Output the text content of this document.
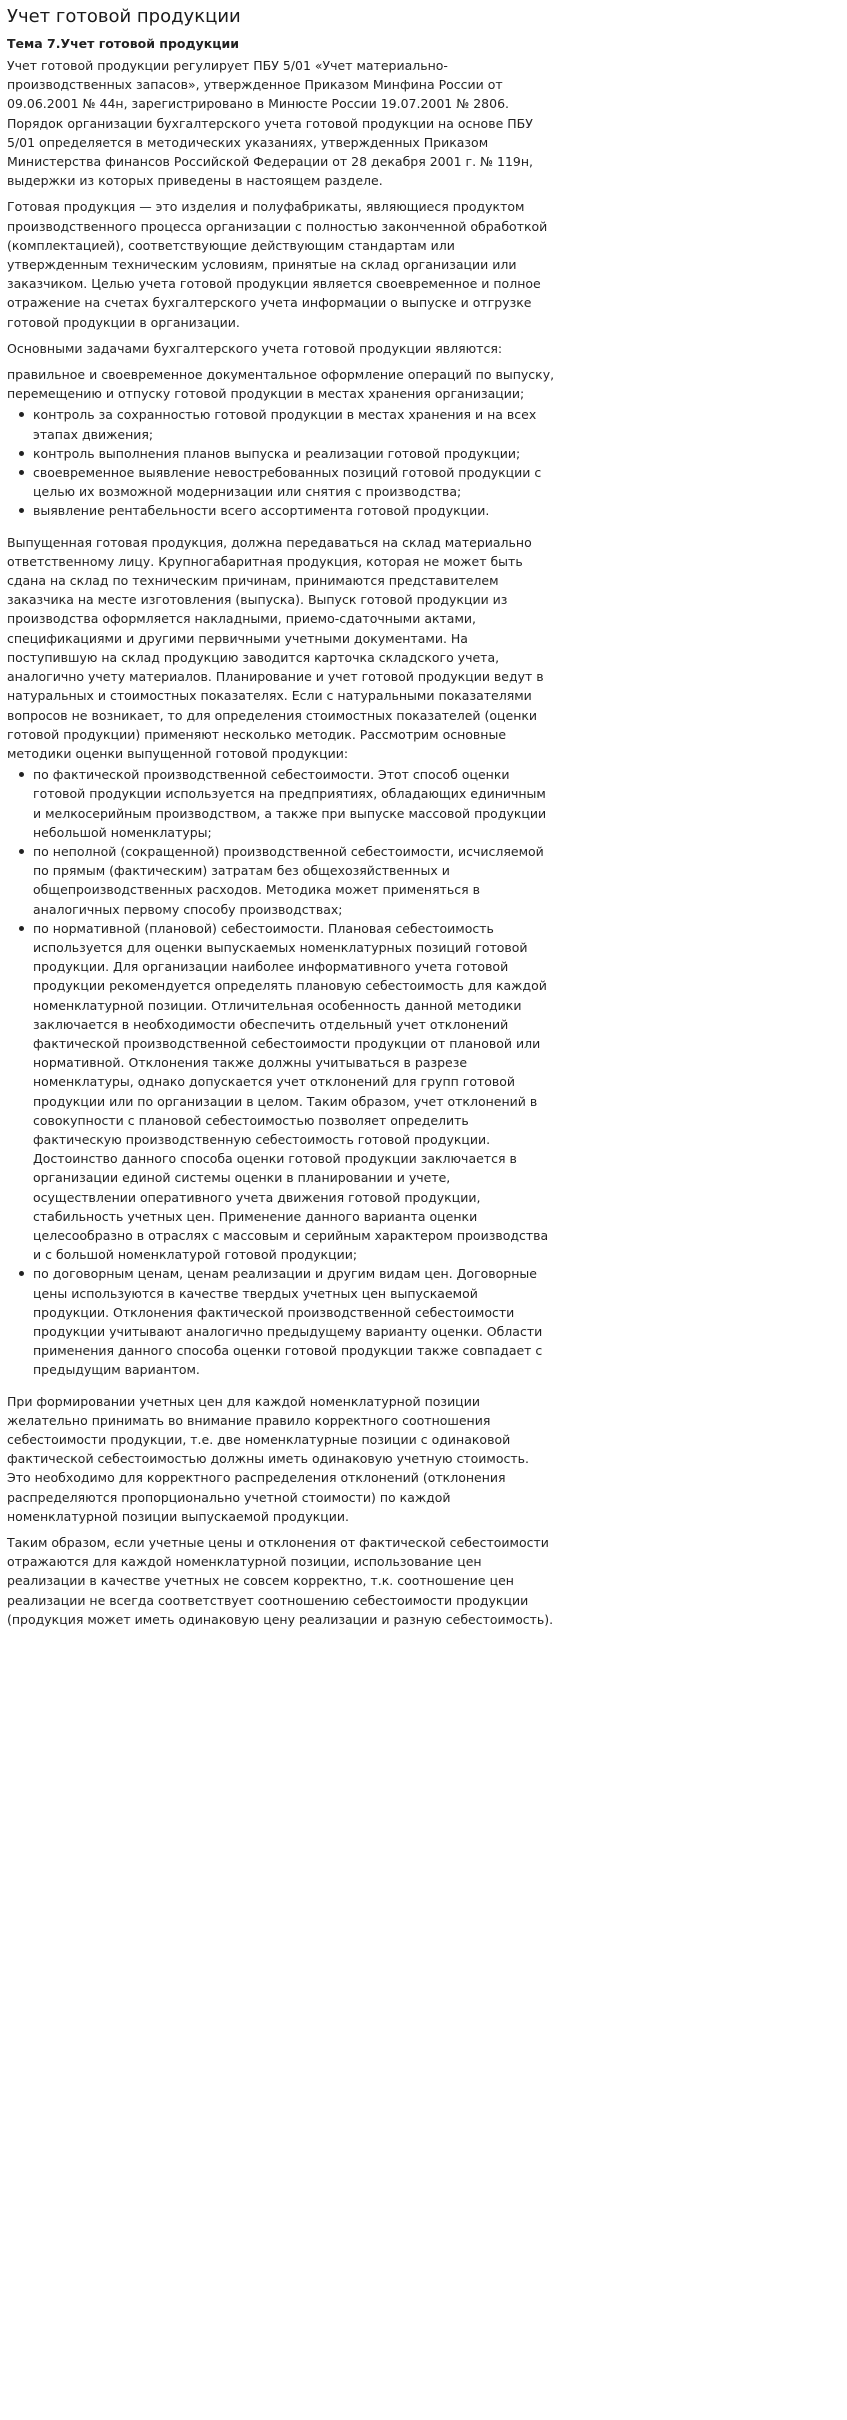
Учет готовой продукции
Тема 7.Учет готовой продукции

Учет готовой продукции регулирует ПБУ 5/01 «Учет материально-производственных запасов», утвержденное Приказом Минфина России от 09.06.2001 № 44н, зарегистрировано в Минюсте России 19.07.2001 № 2806. Порядок организации бухгалтерского учета готовой продукции на основе ПБУ 5/01 определяется в методических указаниях, утвержденных Приказом Министерства финансов Российской Федерации от 28 декабря 2001 г. № 119н, выдержки из которых приведены в настоящем разделе.

Готовая продукция — это изделия и полуфабрикаты, являющиеся продуктом производственного процесса организации с полностью законченной обработкой (комплектацией), соответствующие действующим стандартам или утвержденным техническим условиям, принятые на склад организации или заказчиком. Целью учета готовой продукции является своевременное и полное отражение на счетах бухгалтерского учета информации о выпуске и отгрузке готовой продукции в организации.

Основными задачами бухгалтерского учета готовой продукции являются:

правильное и своевременное документальное оформление операций по выпуску, перемещению и отпуску готовой продукции в местах хранения организации;

контроль за сохранностью готовой продукции в местах хранения и на всех этапах движения;
контроль выполнения планов выпуска и реализации готовой продукции;
своевременное выявление невостребованных позиций готовой продукции с целью их возможной модернизации или снятия с производства;
выявление рентабельности всего ассортимента готовой продукции.

Выпущенная готовая продукция, должна передаваться на склад материально ответственному лицу. Крупногабаритная продукция, которая не может быть сдана на склад по техническим причинам, принимаются представителем заказчика на месте изготовления (выпуска). Выпуск готовой продукции из производства оформляется накладными, приемо-сдаточными актами, спецификациями и другими первичными учетными документами. На поступившую на склад продукцию заводится карточка складского учета, аналогично учету материалов. Планирование и учет готовой продукции ведут в натуральных и стоимостных показателях. Если с натуральными показателями вопросов не возникает, то для определения стоимостных показателей (оценки готовой продукции) применяют несколько методик. Рассмотрим основные методики оценки выпущенной готовой продукции:

по фактической производственной себестоимости. Этот способ оценки готовой продукции используется на предприятиях, обладающих единичным и мелкосерийным производством, а также при выпуске массовой продукции небольшой номенклатуры;
по неполной (сокращенной) производственной себестоимости, исчисляемой по прямым (фактическим) затратам без общехозяйственных и общепроизводственных расходов. Методика может применяться в аналогичных первому способу производствах;
по нормативной (плановой) себестоимости. Плановая себестоимость используется для оценки выпускаемых номенклатурных позиций готовой продукции. Для организации наиболее информативного учета готовой продукции рекомендуется определять плановую себестоимость для каждой номенклатурной позиции. Отличительная особенность данной методики заключается в необходимости обеспечить отдельный учет отклонений фактической производственной себестоимости продукции от плановой или нормативной. Отклонения также должны учитываться в разрезе номенклатуры, однако допускается учет отклонений для групп готовой продукции или по организации в целом. Таким образом, учет отклонений в совокупности с плановой себестоимостью позволяет определить фактическую производственную себестоимость готовой продукции.
Достоинство данного способа оценки готовой продукции заключается в организации единой системы оценки в планировании и учете, осуществлении оперативного учета движения готовой продукции, стабильность учетных цен. Применение данного варианта оценки целесообразно в отраслях с массовым и серийным характером производства и с большой номенклатурой готовой продукции;
по договорным ценам, ценам реализации и другим видам цен. Договорные цены используются в качестве твердых учетных цен выпускаемой продукции. Отклонения фактической производственной себестоимости продукции учитывают аналогично предыдущему варианту оценки. Области применения данного способа оценки готовой продукции также совпадает с предыдущим вариантом.

При формировании учетных цен для каждой номенклатурной позиции желательно принимать во внимание правило корректного соотношения себестоимости продукции, т.е. две номенклатурные позиции с одинаковой фактической себестоимостью должны иметь одинаковую учетную стоимость. Это необходимо для корректного распределения отклонений (отклонения распределяются пропорционально учетной стоимости) по каждой номенклатурной позиции выпускаемой продукции.

Таким образом, если учетные цены и отклонения от фактической себестоимости отражаются для каждой номенклатурной позиции, использование цен реализации в качестве учетных не совсем корректно, т.к. соотношение цен реализации не всегда соответствует соотношению себестоимости продукции (продукция может иметь одинаковую цену реализации и разную себестоимость).
